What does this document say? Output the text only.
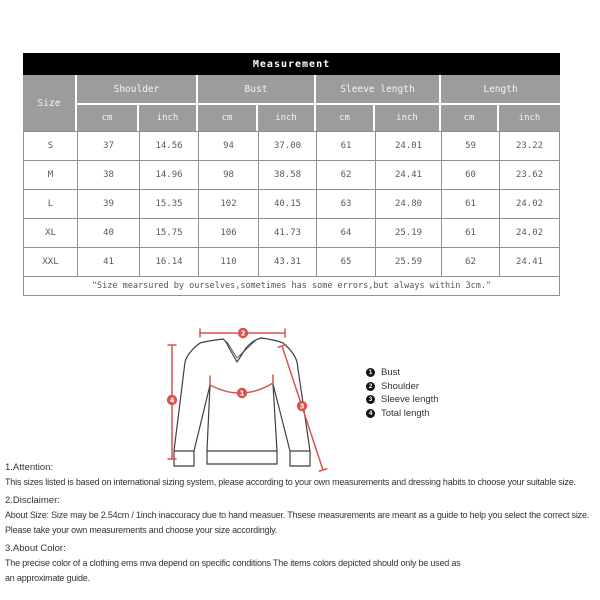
Measurement								
Size	Shoulder		Bust		Sleeve length		Length	
	cm	inch	cm	inch	cm	inch	cm	inch
S	37	14.56	94	37.00	61	24.01	59	23.22
M	38	14.96	98	38.58	62	24.41	60	23.62
L	39	15.35	102	40.15	63	24.80	61	24.02
XL	40	15.75	106	41.73	64	25.19	61	24.02
XXL	41	16.14	110	43.31	65	25.59	62	24.41
"Size mearsured by ourselves,sometimes has some errors,but always within 3cm."								
2
4
1
3
1 Bust
2 Shoulder
3 Sleeve length
4 Total length
1.Attention:
This sizes listed is based on international sizing system, please according to your own measurements and dressing habits to choose your suitable size.
2.Disclaimer:
About Size: Size may be 2.54cm / 1inch inaccuracy due to hand measuer. Thsese measurements are meant as a guide to help you select the correct size.
Please take your own measurements and choose your size accordingly.
3.About Color:
The precise color of a clothing ems mva depend on specific conditions The items colors depicted should only be used as
an approximate guide.
